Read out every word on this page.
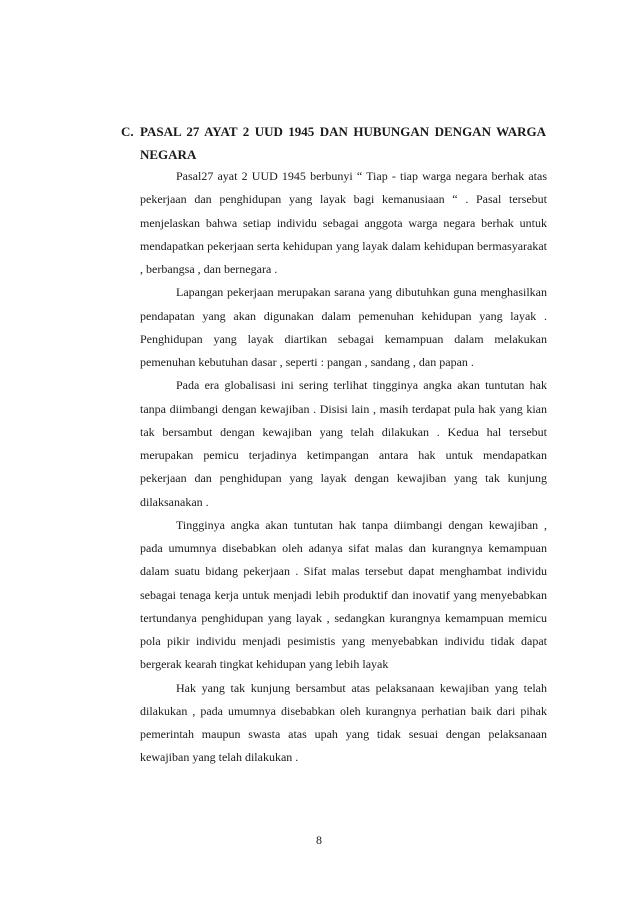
C. PASAL 27 AYAT 2 UUD 1945 DAN HUBUNGAN DENGAN WARGA NEGARA

Pasal27 ayat 2 UUD 1945 berbunyi “ Tiap - tiap warga negara berhak atas pekerjaan dan penghidupan yang layak bagi kemanusiaan “ . Pasal tersebut menjelaskan bahwa setiap individu sebagai anggota warga negara berhak untuk mendapatkan pekerjaan serta kehidupan yang layak dalam kehidupan bermasyarakat , berbangsa , dan bernegara .

Lapangan pekerjaan merupakan sarana yang dibutuhkan guna menghasilkan pendapatan yang akan digunakan dalam pemenuhan kehidupan yang layak . Penghidupan yang layak diartikan sebagai kemampuan dalam melakukan pemenuhan kebutuhan dasar , seperti : pangan , sandang , dan papan .

Pada era globalisasi ini sering terlihat tingginya angka akan tuntutan hak tanpa diimbangi dengan kewajiban . Disisi lain , masih terdapat pula hak yang kian tak bersambut dengan kewajiban yang telah dilakukan . Kedua hal tersebut merupakan pemicu terjadinya ketimpangan antara hak untuk mendapatkan pekerjaan dan penghidupan yang layak dengan kewajiban yang tak kunjung dilaksanakan .

Tingginya angka akan tuntutan hak tanpa diimbangi dengan kewajiban , pada umumnya disebabkan oleh adanya sifat malas dan kurangnya kemampuan dalam suatu bidang pekerjaan . Sifat malas tersebut dapat menghambat individu sebagai tenaga kerja untuk menjadi lebih produktif dan inovatif yang menyebabkan tertundanya penghidupan yang layak , sedangkan kurangnya kemampuan memicu pola pikir individu menjadi pesimistis yang menyebabkan individu tidak dapat bergerak kearah tingkat kehidupan yang lebih layak

Hak yang tak kunjung bersambut atas pelaksanaan kewajiban yang telah dilakukan , pada umumnya disebabkan oleh kurangnya perhatian baik dari pihak pemerintah maupun swasta atas upah yang tidak sesuai dengan pelaksanaan kewajiban yang telah dilakukan .

8
